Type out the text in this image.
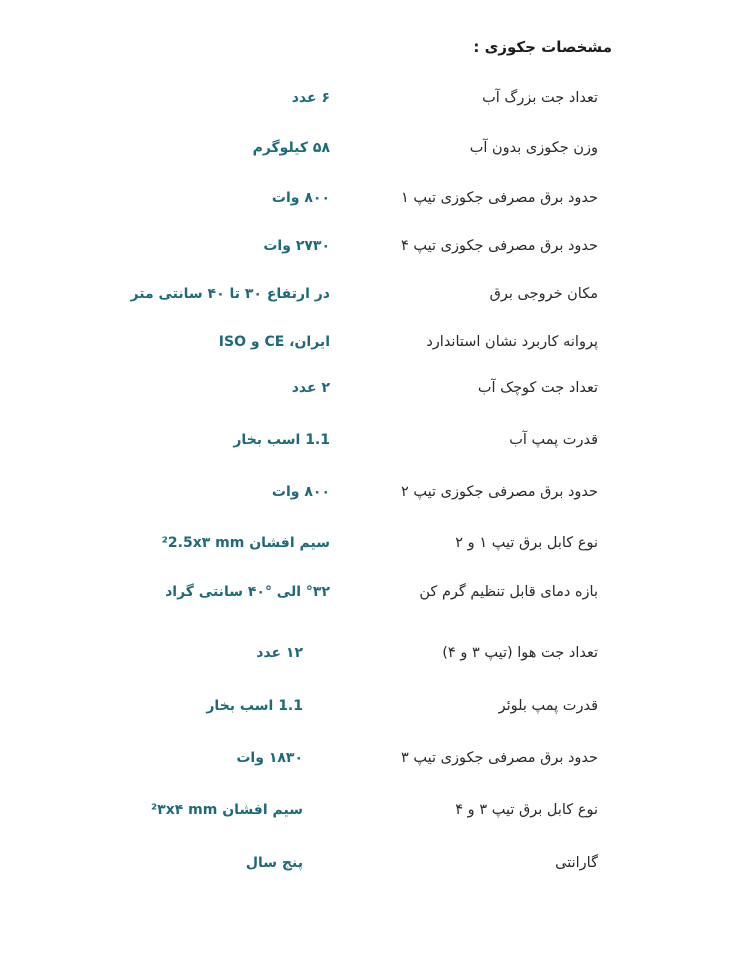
مشخصات جکوزی :
تعداد جت بزرگ آب
۶ عدد
وزن جکوزی بدون آب
۵۸ کیلوگرم
حدود برق مصرفی جکوزی تیپ ۱
۸۰۰ وات
حدود برق مصرفی جکوزی تیپ ۴
۲۷۳۰ وات
مکان خروجی برق
در ارتفاع ۳۰ تا ۴۰ سانتی متر
پروانه کاربرد نشان استاندارد
ایران، CE و ISO
تعداد جت کوچک آب
۲ عدد
قدرت پمپ آب
1.1 اسب بخار
حدود برق مصرفی جکوزی تیپ ۲
۸۰۰ وات
نوع کابل برق تیپ ۱ و ۲
سیم افشان ²2.5x۳ mm
بازه دمای قابل تنظیم گرم کن
°۳۲ الی °۴۰ سانتی گراد
تعداد جت هوا (تیپ ۳ و ۴)
۱۲ عدد
قدرت پمپ بلوئر
1.1 اسب بخار
حدود برق مصرفی جکوزی تیپ ۳
۱۸۳۰ وات
نوع کابل برق تیپ ۳ و ۴
سیم افشان ²۳x۴ mm
گارانتی
پنج سال
